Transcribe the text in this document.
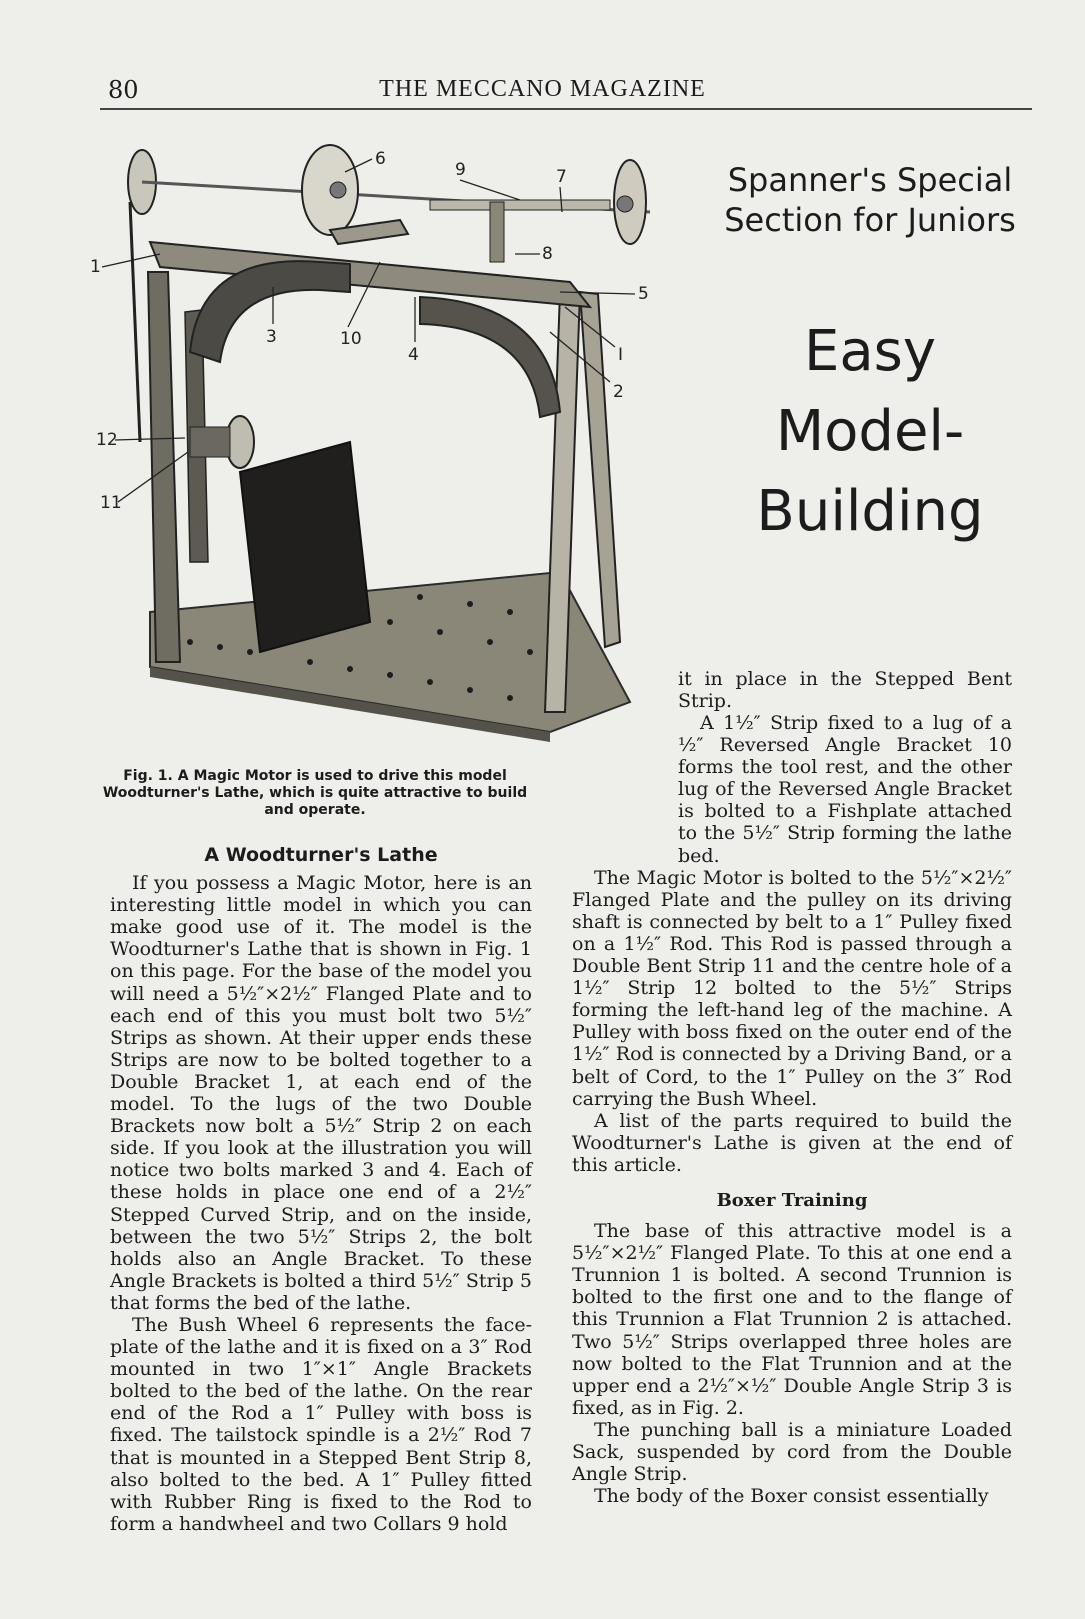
80	THE MECCANO MAGAZINE
6
9	7
8
5
1
3	10
4	I
2
12
11
Fig. 1. A Magic Motor is used to drive this model Woodturner's Lathe, which is quite attractive to build and operate.
Spanner's Special Section for Juniors
Easy
Model-
Building
A Woodturner's Lathe

If you possess a Magic Motor, here is an interesting little model in which you can make good use of it. The model is the Woodturner's Lathe that is shown in Fig. 1 on this page. For the base of the model you will need a 5½″×2½″ Flanged Plate and to each end of this you must bolt two 5½″ Strips as shown. At their upper ends these Strips are now to be bolted together to a Double Bracket 1, at each end of the model. To the lugs of the two Double Brackets now bolt a 5½″ Strip 2 on each side. If you look at the illustration you will notice two bolts marked 3 and 4. Each of these holds in place one end of a 2½″ Stepped Curved Strip, and on the inside, between the two 5½″ Strips 2, the bolt holds also an Angle Bracket. To these Angle Brackets is bolted a third 5½″ Strip 5 that forms the bed of the lathe.

The Bush Wheel 6 represents the face-plate of the lathe and it is fixed on a 3″ Rod mounted in two 1″×1″ Angle Brackets bolted to the bed of the lathe. On the rear end of the Rod a 1″ Pulley with boss is fixed. The tailstock spindle is a 2½″ Rod 7 that is mounted in a Stepped Bent Strip 8, also bolted to the bed. A 1″ Pulley fitted with Rubber Ring is fixed to the Rod to form a handwheel and two Collars 9 hold

it in place in the Stepped Bent Strip.

A 1½″ Strip fixed to a lug of a ½″ Reversed Angle Bracket 10 forms the tool rest, and the other lug of the Reversed Angle Bracket is bolted to a Fishplate attached to the 5½″ Strip forming the lathe bed.

The Magic Motor is bolted to the 5½″×2½″ Flanged Plate and the pulley on its driving shaft is connected by belt to a 1″ Pulley fixed on a 1½″ Rod. This Rod is passed through a Double Bent Strip 11 and the centre hole of a 1½″ Strip 12 bolted to the 5½″ Strips forming the left-hand leg of the machine. A Pulley with boss fixed on the outer end of the 1½″ Rod is connected by a Driving Band, or a belt of Cord, to the 1″ Pulley on the 3″ Rod carrying the Bush Wheel.

A list of the parts required to build the Woodturner's Lathe is given at the end of this article.

Boxer Training

The base of this attractive model is a 5½″×2½″ Flanged Plate. To this at one end a Trunnion 1 is bolted. A second Trunnion is bolted to the first one and to the flange of this Trunnion a Flat Trunnion 2 is attached. Two 5½″ Strips overlapped three holes are now bolted to the Flat Trunnion and at the upper end a 2½″×½″ Double Angle Strip 3 is fixed, as in Fig. 2.

The punching ball is a miniature Loaded Sack, suspended by cord from the Double Angle Strip.

The body of the Boxer consist essentially
